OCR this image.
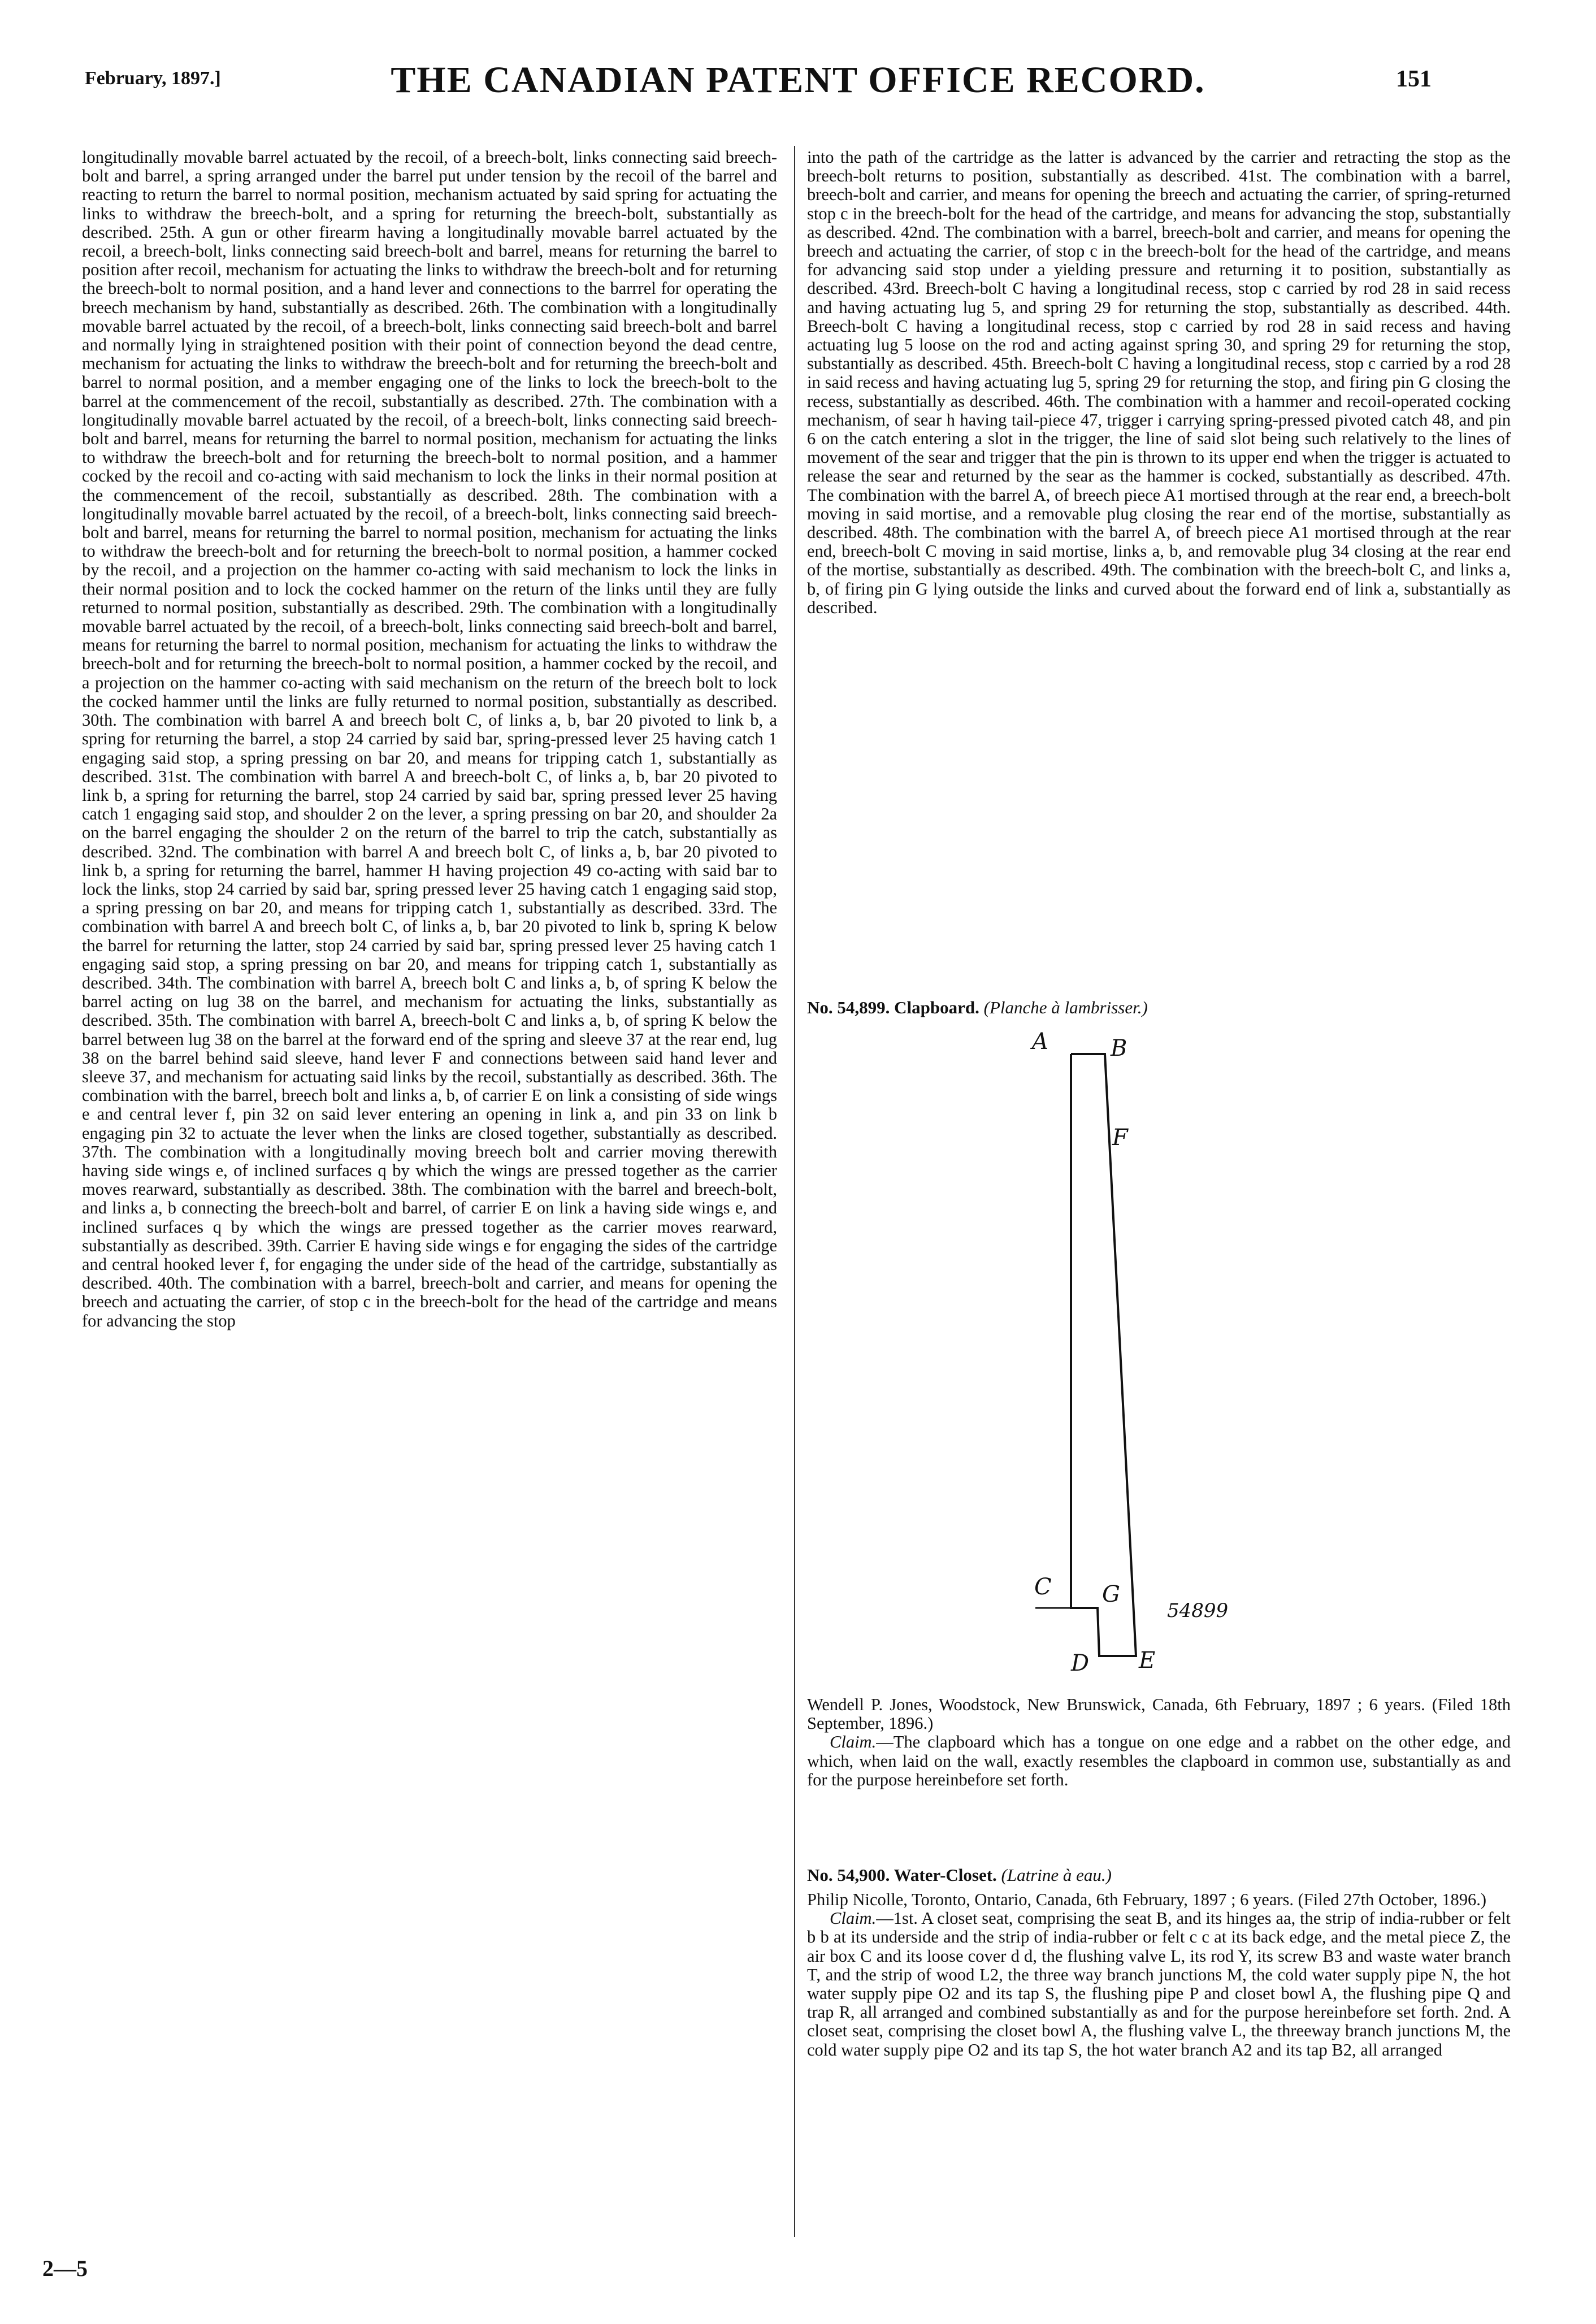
February, 1897.]	THE CANADIAN PATENT OFFICE RECORD.	151

longitudinally movable barrel actuated by the recoil, of a breech-bolt, links connecting said breech-bolt and barrel, a spring arranged under the barrel put under tension by the recoil of the barrel and reacting to return the barrel to normal position, mechanism actuated by said spring for actuating the links to withdraw the breech-bolt, and a spring for returning the breech-bolt, substantially as described. 25th. A gun or other firearm having a longitudinally movable barrel actuated by the recoil, a breech-bolt, links connecting said breech-bolt and barrel, means for returning the barrel to position after recoil, mechanism for actuating the links to withdraw the breech-bolt and for returning the breech-bolt to normal position, and a hand lever and connections to the barrrel for operating the breech mechanism by hand, substantially as described. 26th. The combination with a longitudinally movable barrel actuated by the recoil, of a breech-bolt, links connecting said breech-bolt and barrel and normally lying in straightened position with their point of connection beyond the dead centre, mechanism for actuating the links to withdraw the breech-bolt and for returning the breech-bolt and barrel to normal position, and a member engaging one of the links to lock the breech-bolt to the barrel at the commencement of the recoil, substantially as described. 27th. The combination with a longitudinally movable barrel actuated by the recoil, of a breech-bolt, links connecting said breech-bolt and barrel, means for returning the barrel to normal position, mechanism for actuating the links to withdraw the breech-bolt and for returning the breech-bolt to normal position, and a hammer cocked by the recoil and co-acting with said mechanism to lock the links in their normal position at the commencement of the recoil, substantially as described. 28th. The combination with a longitudinally movable barrel actuated by the recoil, of a breech-bolt, links connecting said breech-bolt and barrel, means for returning the barrel to normal position, mechanism for actuating the links to withdraw the breech-bolt and for returning the breech-bolt to normal position, a hammer cocked by the recoil, and a projection on the hammer co-acting with said mechanism to lock the links in their normal position and to lock the cocked hammer on the return of the links until they are fully returned to normal position, substantially as described. 29th. The combination with a longitudinally movable barrel actuated by the recoil, of a breech-bolt, links connecting said breech-bolt and barrel, means for returning the barrel to normal position, mechanism for actuating the links to withdraw the breech-bolt and for returning the breech-bolt to normal position, a hammer cocked by the recoil, and a projection on the hammer co-acting with said mechanism on the return of the breech bolt to lock the cocked hammer until the links are fully returned to normal position, substantially as described. 30th. The combination with barrel A and breech bolt C, of links a, b, bar 20 pivoted to link b, a spring for returning the barrel, a stop 24 carried by said bar, spring-pressed lever 25 having catch 1 engaging said stop, a spring pressing on bar 20, and means for tripping catch 1, substantially as described. 31st. The combination with barrel A and breech-bolt C, of links a, b, bar 20 pivoted to link b, a spring for returning the barrel, stop 24 carried by said bar, spring pressed lever 25 having catch 1 engaging said stop, and shoulder 2 on the lever, a spring pressing on bar 20, and shoulder 2a on the barrel engaging the shoulder 2 on the return of the barrel to trip the catch, substantially as described. 32nd. The combination with barrel A and breech bolt C, of links a, b, bar 20 pivoted to link b, a spring for returning the barrel, hammer H having projection 49 co-acting with said bar to lock the links, stop 24 carried by said bar, spring pressed lever 25 having catch 1 engaging said stop, a spring pressing on bar 20, and means for tripping catch 1, substantially as described. 33rd. The combination with barrel A and breech bolt C, of links a, b, bar 20 pivoted to link b, spring K below the barrel for returning the latter, stop 24 carried by said bar, spring pressed lever 25 having catch 1 engaging said stop, a spring pressing on bar 20, and means for tripping catch 1, substantially as described. 34th. The combination with barrel A, breech bolt C and links a, b, of spring K below the barrel acting on lug 38 on the barrel, and mechanism for actuating the links, substantially as described. 35th. The combination with barrel A, breech-bolt C and links a, b, of spring K below the barrel between lug 38 on the barrel at the forward end of the spring and sleeve 37 at the rear end, lug 38 on the barrel behind said sleeve, hand lever F and connections between said hand lever and sleeve 37, and mechanism for actuating said links by the recoil, substantially as described. 36th. The combination with the barrel, breech bolt and links a, b, of carrier E on link a consisting of side wings e and central lever f, pin 32 on said lever entering an opening in link a, and pin 33 on link b engaging pin 32 to actuate the lever when the links are closed together, substantially as described. 37th. The combination with a longitudinally moving breech bolt and carrier moving therewith having side wings e, of inclined surfaces q by which the wings are pressed together as the carrier moves rearward, substantially as described. 38th. The combination with the barrel and breech-bolt, and links a, b connecting the breech-bolt and barrel, of carrier E on link a having side wings e, and inclined surfaces q by which the wings are pressed together as the carrier moves rearward, substantially as described. 39th. Carrier E having side wings e for engaging the sides of the cartridge and central hooked lever f, for engaging the under side of the head of the cartridge, substantially as described. 40th. The combination with a barrel, breech-bolt and carrier, and means for opening the breech and actuating the carrier, of stop c in the breech-bolt for the head of the cartridge and means for advancing the stop

into the path of the cartridge as the latter is advanced by the carrier and retracting the stop as the breech-bolt returns to position, substantially as described. 41st. The combination with a barrel, breech-bolt and carrier, and means for opening the breech and actuating the carrier, of spring-returned stop c in the breech-bolt for the head of the cartridge, and means for advancing the stop, substantially as described. 42nd. The combination with a barrel, breech-bolt and carrier, and means for opening the breech and actuating the carrier, of stop c in the breech-bolt for the head of the cartridge, and means for advancing said stop under a yielding pressure and returning it to position, substantially as described. 43rd. Breech-bolt C having a longitudinal recess, stop c carried by rod 28 in said recess and having actuating lug 5, and spring 29 for returning the stop, substantially as described. 44th. Breech-bolt C having a longitudinal recess, stop c carried by rod 28 in said recess and having actuating lug 5 loose on the rod and acting against spring 30, and spring 29 for returning the stop, substantially as described. 45th. Breech-bolt C having a longitudinal recess, stop c carried by a rod 28 in said recess and having actuating lug 5, spring 29 for returning the stop, and firing pin G closing the recess, substantially as described. 46th. The combination with a hammer and recoil-operated cocking mechanism, of sear h having tail-piece 47, trigger i carrying spring-pressed pivoted catch 48, and pin 6 on the catch entering a slot in the trigger, the line of said slot being such relatively to the lines of movement of the sear and trigger that the pin is thrown to its upper end when the trigger is actuated to release the sear and returned by the sear as the hammer is cocked, substantially as described. 47th. The combination with the barrel A, of breech piece A1 mortised through at the rear end, a breech-bolt moving in said mortise, and a removable plug closing the rear end of the mortise, substantially as described. 48th. The combination with the barrel A, of breech piece A1 mortised through at the rear end, breech-bolt C moving in said mortise, links a, b, and removable plug 34 closing at the rear end of the mortise, substantially as described. 49th. The combination with the breech-bolt C, and links a, b, of firing pin G lying outside the links and curved about the forward end of link a, substantially as described.

No. 54,899. Clapboard. (Planche à lambrisser.)
A	B
F
C G
D E
54899

Wendell P. Jones, Woodstock, New Brunswick, Canada, 6th February, 1897 ; 6 years. (Filed 18th September, 1896.)

Claim.—The clapboard which has a tongue on one edge and a rabbet on the other edge, and which, when laid on the wall, exactly resembles the clapboard in common use, substantially as and for the purpose hereinbefore set forth.

No. 54,900. Water-Closet. (Latrine à eau.)

Philip Nicolle, Toronto, Ontario, Canada, 6th February, 1897 ; 6 years. (Filed 27th October, 1896.)

Claim.—1st. A closet seat, comprising the seat B, and its hinges aa, the strip of india-rubber or felt b b at its underside and the strip of india-rubber or felt c c at its back edge, and the metal piece Z, the air box C and its loose cover d d, the flushing valve L, its rod Y, its screw B3 and waste water branch T, and the strip of wood L2, the three way branch junctions M, the cold water supply pipe N, the hot water supply pipe O2 and its tap S, the flushing pipe P and closet bowl A, the flushing pipe Q and trap R, all arranged and combined substantially as and for the purpose hereinbefore set forth. 2nd. A closet seat, comprising the closet bowl A, the flushing valve L, the threeway branch junctions M, the cold water supply pipe O2 and its tap S, the hot water branch A2 and its tap B2, all arranged

2—5
